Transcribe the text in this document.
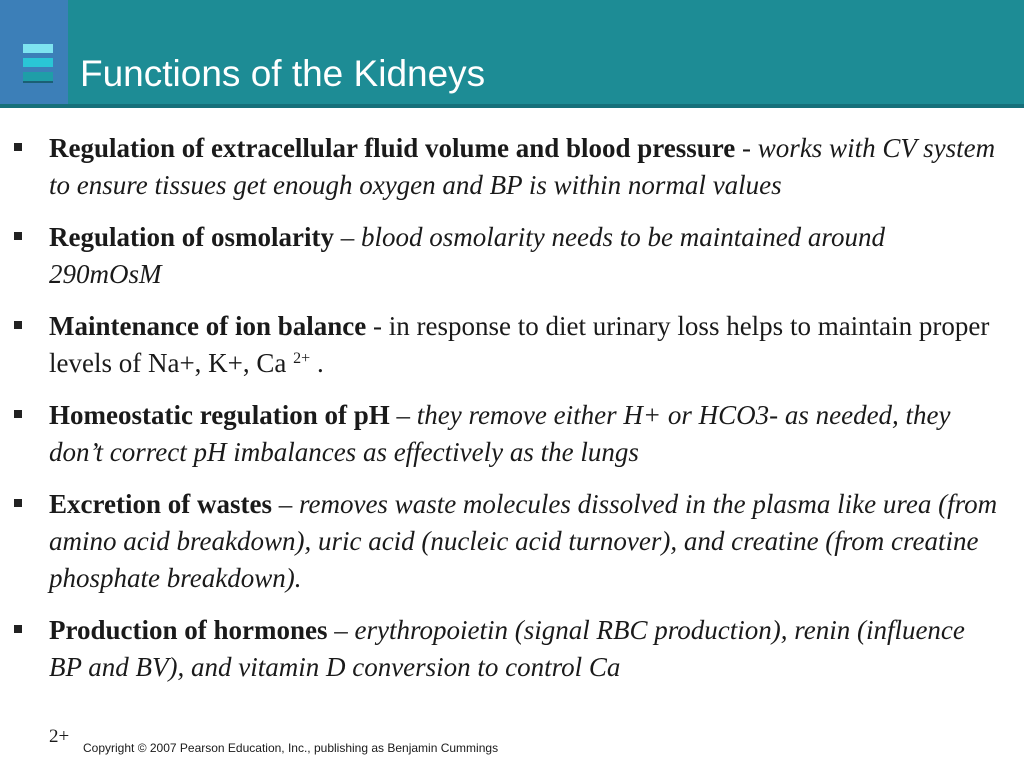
Functions of the Kidneys
Regulation of extracellular fluid volume and blood pressure - works with CV system to ensure tissues get enough oxygen and BP is within normal values
Regulation of osmolarity – blood osmolarity needs to be maintained around 290mOsM
Maintenance of ion balance - in response to diet urinary loss helps to maintain proper levels of Na+, K+, Ca $^{2+}$ .
Homeostatic regulation of pH – they remove either H+ or HCO3- as needed, they don’t correct pH imbalances as effectively as the lungs
Excretion of wastes – removes waste molecules dissolved in the plasma like urea (from amino acid breakdown), uric acid (nucleic acid turnover), and creatine (from creatine phosphate breakdown).
Production of hormones – erythropoietin (signal RBC production), renin (influence BP and BV), and vitamin D conversion to control Ca
2+
Copyright © 2007 Pearson Education, Inc., publishing as Benjamin Cummings
